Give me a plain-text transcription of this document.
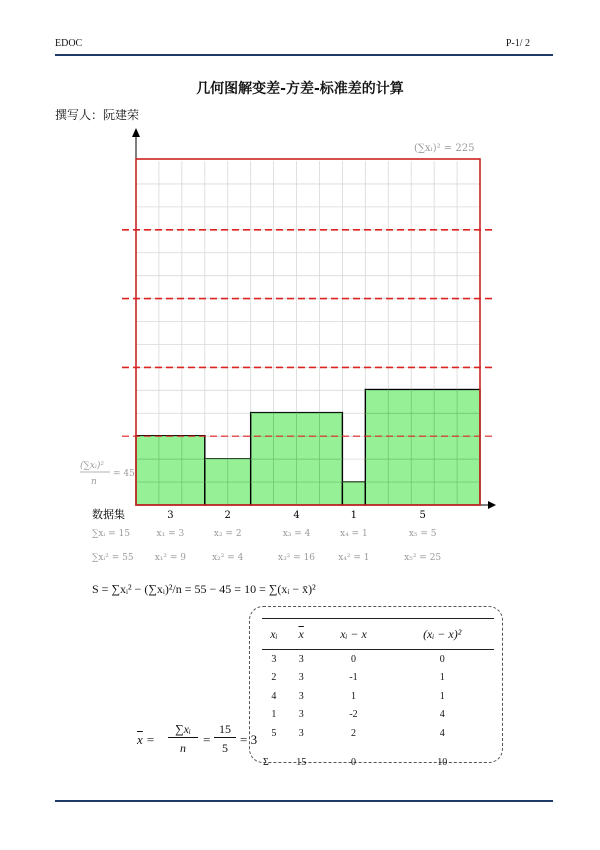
EDOC	P-1/ 2
几何图解变差-方差-标准差的计算
撰写人：阮建荣
(∑xᵢ)² = 225
(∑xᵢ)²
n
= 45
数据集	3	2	4	1	5
∑xᵢ = 15	x₁ = 3	x₂ = 2	x₃ = 4	x₄ = 1	x₅ = 5
∑xᵢ² = 55 x₁² = 9	x₂² = 4	x₃² = 16	x₄² = 1	x₅² = 25
S = ∑xᵢ² − (∑xᵢ)²/n = 55 − 45 = 10 = ∑(xᵢ − x̄)²
xᵢ	$\overline{x}$	xᵢ − x	(xᵢ − x)²
3	3	0	0
2	3	-1	1
4	3	1	1
1	3	-2	4
5	3	2	4
Σ	15	0	10
$\overline{x}$ =
∑xᵢ
n
=
15
5
= 3
